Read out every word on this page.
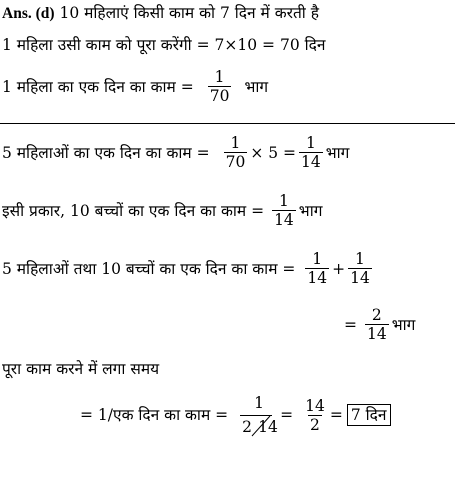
Ans. (d) 10 महिलाएं किसी काम को 7 दिन में करती है
1 महिला उसी काम को पूरा करेंगी = 7×10 = 70 दिन
1 महिला का एक दिन का काम = $\frac{1}{70}$ भाग
5 महिलाओं का एक दिन का काम = $\frac{1}{70} \times 5 = \frac{1}{14}$ भाग
इसी प्रकार, 10 बच्चों का एक दिन का काम = $\frac{1}{14}$ भाग
5 महिलाओं तथा 10 बच्चों का एक दिन का काम = $\frac{1}{14} + \frac{1}{14}$
= $\frac{2}{14}$ भाग
पूरा काम करने में लगा समय
= 1/एक दिन का काम =
1
2 14
= $\frac{14}{2} = 7$ दिन
